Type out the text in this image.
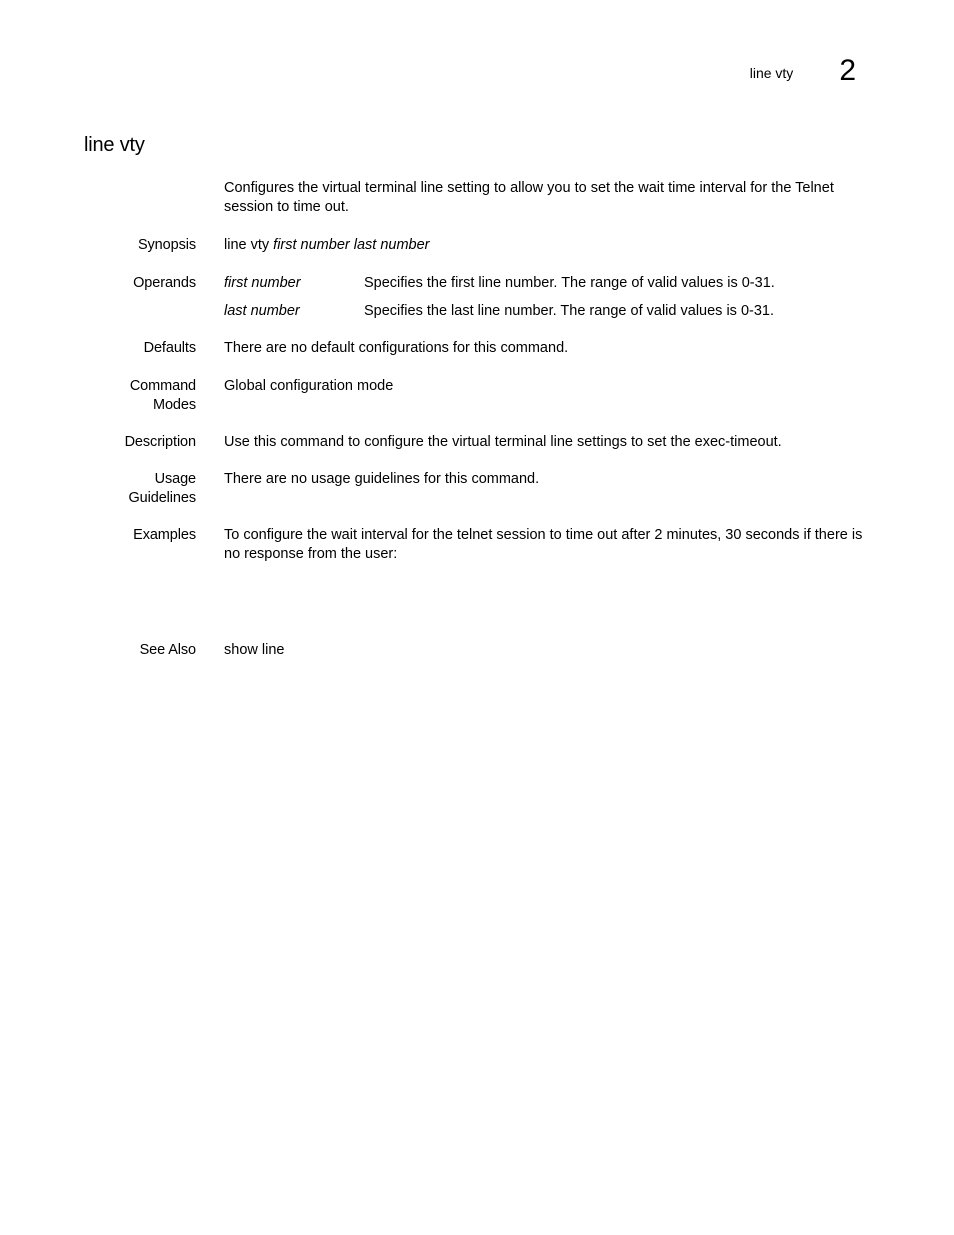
line vty 2
line vty
Configures the virtual terminal line setting to allow you to set the wait time interval for the Telnet session to time out.
Synopsis line vty first number last number
Operands first number	Specifies the first line number. The range of valid values is 0-31.
last number	Specifies the last line number. The range of valid values is 0-31.
Defaults There are no default configurations for this command.
Command
Modes
Global configuration mode
Description Use this command to configure the virtual terminal line settings to set the exec-timeout.
Usage
Guidelines
There are no usage guidelines for this command.
Examples To configure the wait interval for the telnet session to time out after 2 minutes, 30 seconds if there is no response from the user:
See Also show line
